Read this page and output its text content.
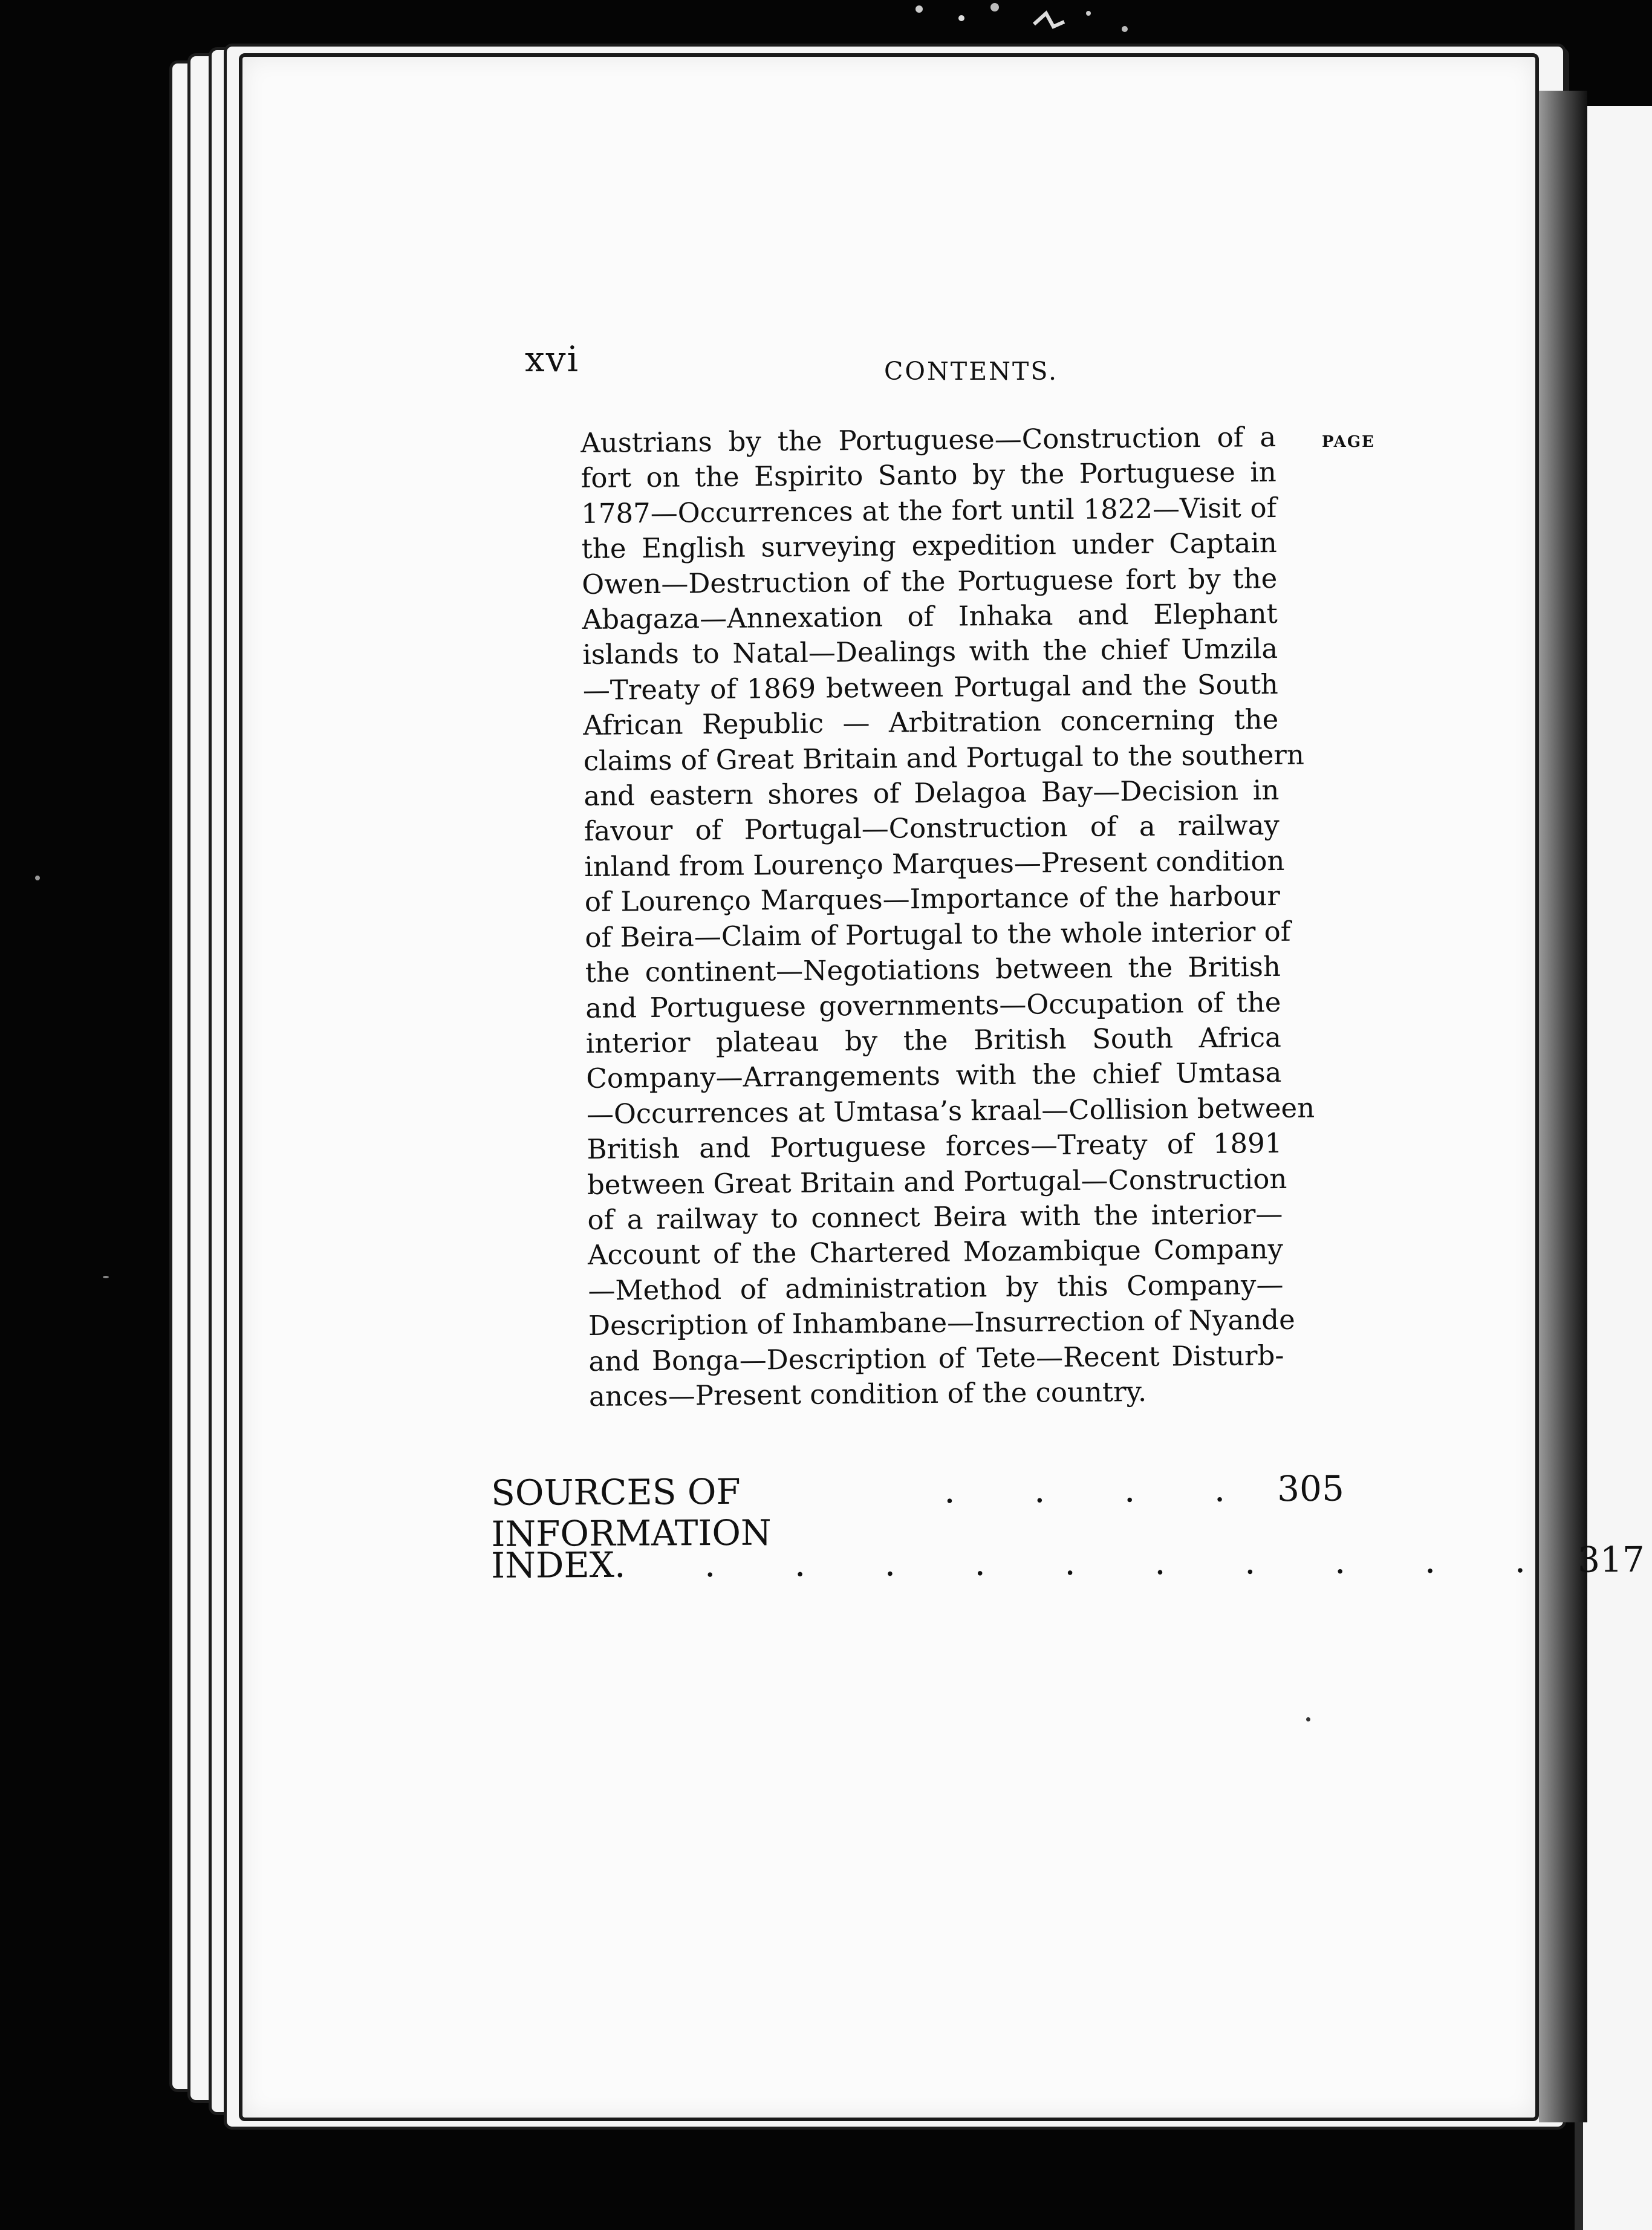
xvi	CONTENTS.
PAGE
Austrians by the Portuguese—Construction of a
fort on the Espirito Santo by the Portuguese in
1787—Occurrences at the fort until 1822—Visit of
the English surveying expedition under Captain
Owen—Destruction of the Portuguese fort by the
Abagaza—Annexation of Inhaka and Elephant
islands to Natal—Dealings with the chief Umzila
—Treaty of 1869 between Portugal and the South
African Republic — Arbitration concerning the
claims of Great Britain and Portugal to the southern
and eastern shores of Delagoa Bay—Decision in
favour of Portugal—Construction of a railway
inland from Lourenço Marques—Present condition
of Lourenço Marques—Importance of the harbour
of Beira—Claim of Portugal to the whole interior of
the continent—Negotiations between the British
and Portuguese governments—Occupation of the
interior plateau by the British South Africa
Company—Arrangements with the chief Umtasa
—Occurrences at Umtasa’s kraal—Collision between
British and Portuguese forces—Treaty of 1891
between Great Britain and Portugal—Construction
of a railway to connect Beira with the interior—
Account of the Chartered Mozambique Company
—Method of administration by this Company—
Description of Inhambane—Insurrection of Nyande
and Bonga—Description of Tete—Recent Disturb-
ances—Present condition of the country.
SOURCES OF INFORMATION
. . . . 305
INDEX . . . . . . . . . . . 317
